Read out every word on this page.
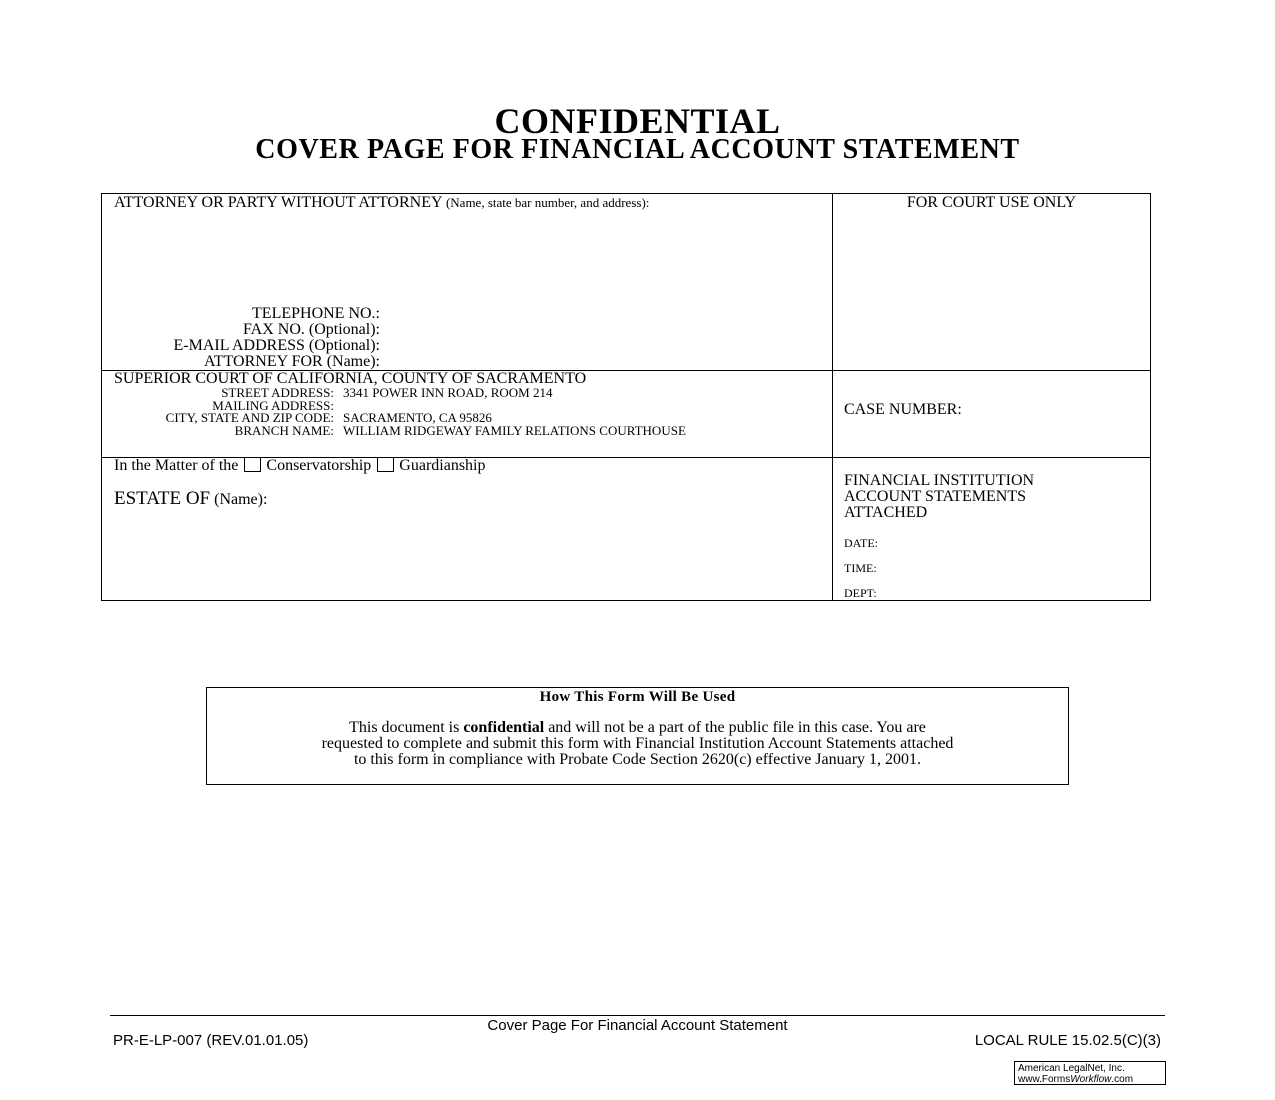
CONFIDENTIAL
COVER PAGE FOR FINANCIAL ACCOUNT STATEMENT
ATTORNEY OR PARTY WITHOUT ATTORNEY (Name, state bar number, and address):
TELEPHONE NO.:
FAX NO. (Optional):
E-MAIL ADDRESS (Optional):
ATTORNEY FOR (Name):
FOR COURT USE ONLY
SUPERIOR COURT OF CALIFORNIA, COUNTY OF SACRAMENTO
STREET ADDRESS: 3341 POWER INN ROAD, ROOM 214
MAILING ADDRESS:
CITY, STATE AND ZIP CODE: SACRAMENTO, CA 95826
BRANCH NAME: WILLIAM RIDGEWAY FAMILY RELATIONS COURTHOUSE
CASE NUMBER:
In the Matter of the Conservatorship Guardianship
ESTATE OF (Name):
FINANCIAL INSTITUTION
ACCOUNT STATEMENTS
ATTACHED
DATE:
TIME:
DEPT:
How This Form Will Be Used
This document is confidential and will not be a part of the public file in this case. You are
requested to complete and submit this form with Financial Institution Account Statements attached
to this form in compliance with Probate Code Section 2620(c) effective January 1, 2001.
Cover Page For Financial Account Statement
PR-E-LP-007 (REV.01.01.05)	LOCAL RULE 15.02.5(C)(3)
American LegalNet, Inc.
www.FormsWorkflow.com
